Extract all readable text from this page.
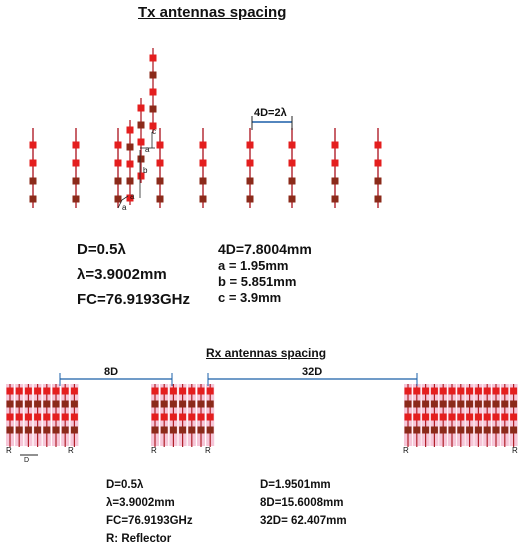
Tx antennas spacing
4D=2λ
c
a
b
a
a
D=0.5λ
λ=3.9002mm
FC=76.9193GHz
4D=7.8004mm
a = 1.95mm
b = 5.851mm
c = 3.9mm
Rx antennas spacing
8D	32D
R	R	R	R	R	R
D
D=0.5λ
λ=3.9002mm
FC=76.9193GHz
R: Reflector
D=1.9501mm
8D=15.6008mm
32D= 62.407mm
